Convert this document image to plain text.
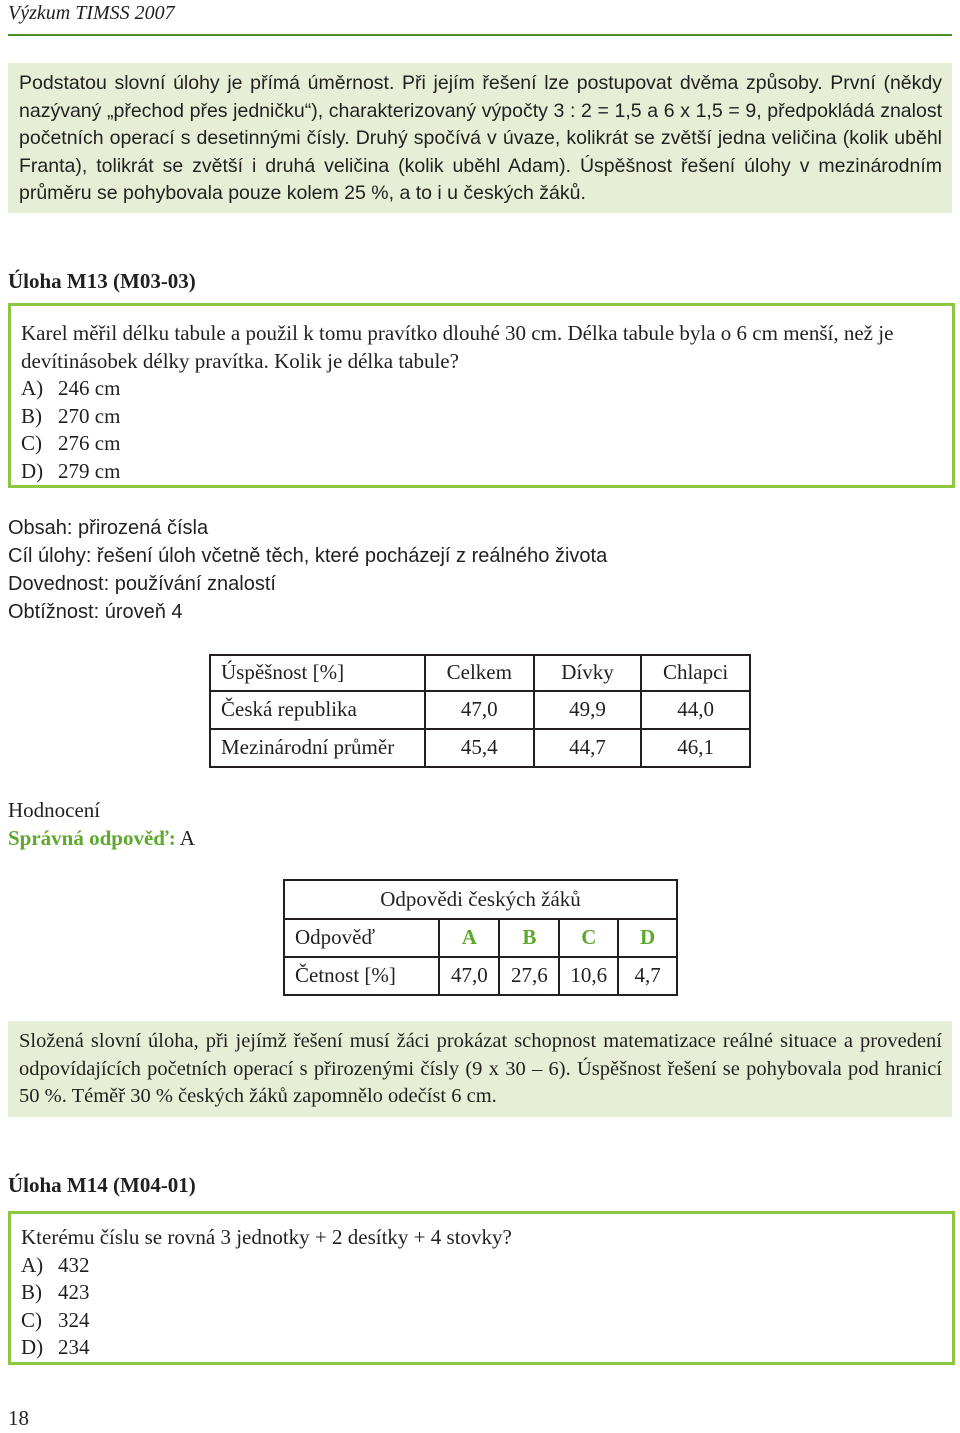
Výzkum TIMSS 2007

Podstatou slovní úlohy je přímá úměrnost. Při jejím řešení lze postupovat dvěma způsoby. První (někdy nazývaný „přechod přes jedničku“), charakterizovaný výpočty 3 : 2 = 1,5 a 6 x 1,5 = 9, předpokládá znalost početních operací s desetinnými čísly. Druhý spočívá v úvaze, kolikrát se zvětší jedna veličina (kolik uběhl Franta), tolikrát se zvětší i druhá veličina (kolik uběhl Adam). Úspěšnost řešení úlohy v mezinárodním průměru se pohybovala pouze kolem 25 %, a to i u českých žáků.

Úloha M13 (M03-03)

Karel měřil délku tabule a použil k tomu pravítko dlouhé 30 cm. Délka tabule byla o 6 cm menší, než je devítinásobek délky pravítka. Kolik je délka tabule?

A) 246 cm
B) 270 cm
C) 276 cm
D) 279 cm
Obsah: přirozená čísla
Cíl úlohy: řešení úloh včetně těch, které pocházejí z reálného života
Dovednost: používání znalostí
Obtížnost: úroveň 4
Úspěšnost [%]	Celkem	Dívky	Chlapci
Česká republika	47,0	49,9	44,0
Mezinárodní průměr	45,4	44,7	46,1
Hodnocení
Správná odpověď: A
Odpovědi českých žáků				
Odpověď	A	B	C	D
Četnost [%]	47,0	27,6	10,6	4,7

Složená slovní úloha, při jejímž řešení musí žáci prokázat schopnost matematizace reálné situace a provedení odpovídajících početních operací s přirozenými čísly (9 x 30 – 6). Úspěšnost řešení se pohybovala pod hranicí 50 %. Téměř 30 % českých žáků zapomnělo odečíst 6 cm.

Úloha M14 (M04-01)

Kterému číslu se rovná 3 jednotky + 2 desítky + 4 stovky?

A) 432
B) 423
C) 324
D) 234
18
